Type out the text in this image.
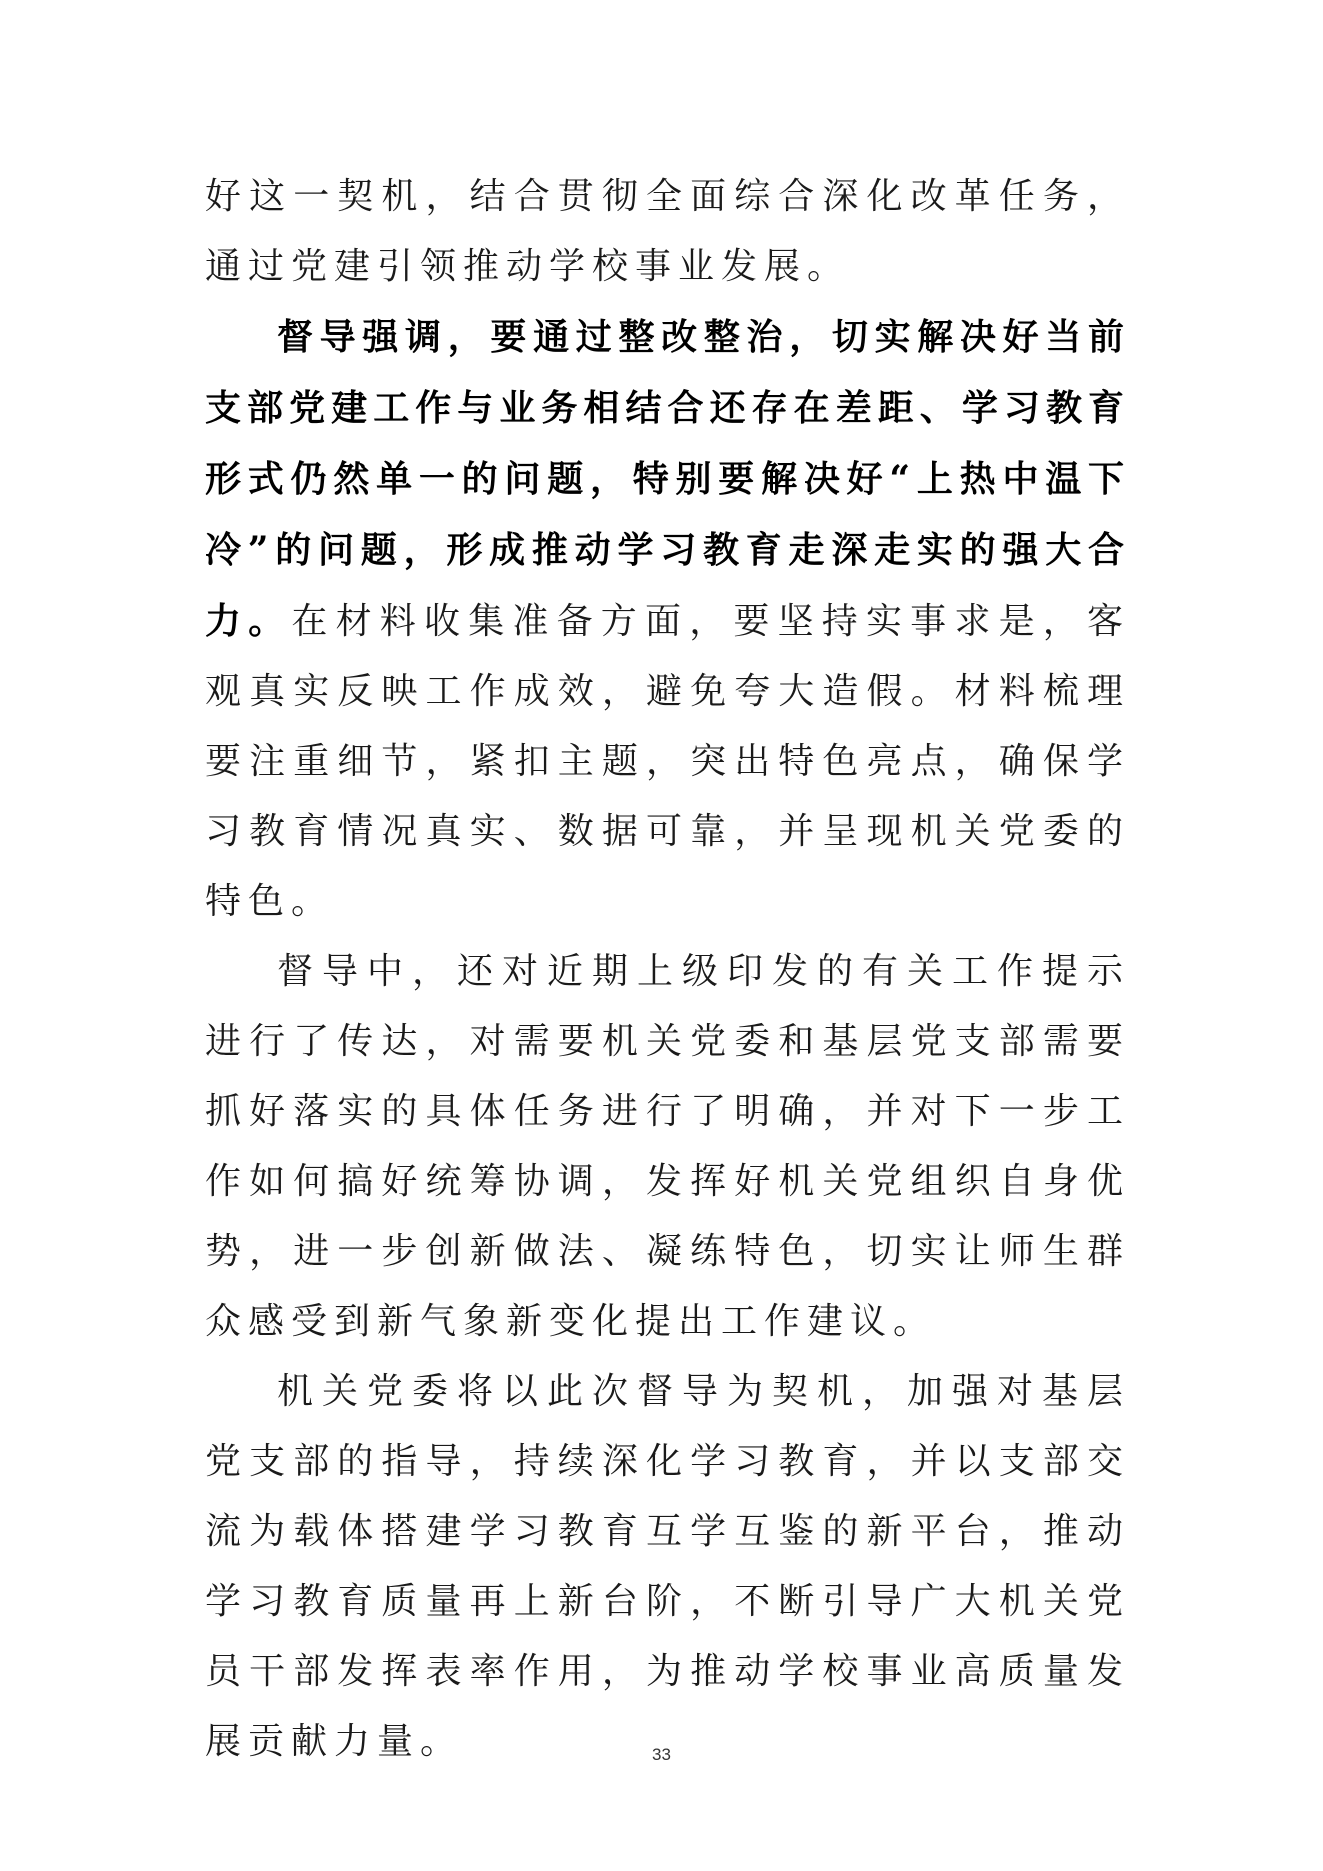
好这一契机，结合贯彻全面综合深化改革任务，通过党建引领推动学校事业发展。

督导强调，要通过整改整治，切实解决好当前支部党建工作与业务相结合还存在差距、学习教育形式仍然单一的问题，特别要解决好“上热中温下冷”的问题，形成推动学习教育走深走实的强大合力。在材料收集准备方面，要坚持实事求是，客观真实反映工作成效，避免夸大造假。材料梳理要注重细节，紧扣主题，突出特色亮点，确保学习教育情况真实、数据可靠，并呈现机关党委的特色。

督导中，还对近期上级印发的有关工作提示进行了传达，对需要机关党委和基层党支部需要抓好落实的具体任务进行了明确，并对下一步工作如何搞好统筹协调，发挥好机关党组织自身优势，进一步创新做法、凝练特色，切实让师生群众感受到新气象新变化提出工作建议。

机关党委将以此次督导为契机，加强对基层党支部的指导，持续深化学习教育，并以支部交流为载体搭建学习教育互学互鉴的新平台，推动学习教育质量再上新台阶，不断引导广大机关党员干部发挥表率作用，为推动学校事业高质量发展贡献力量。	33
